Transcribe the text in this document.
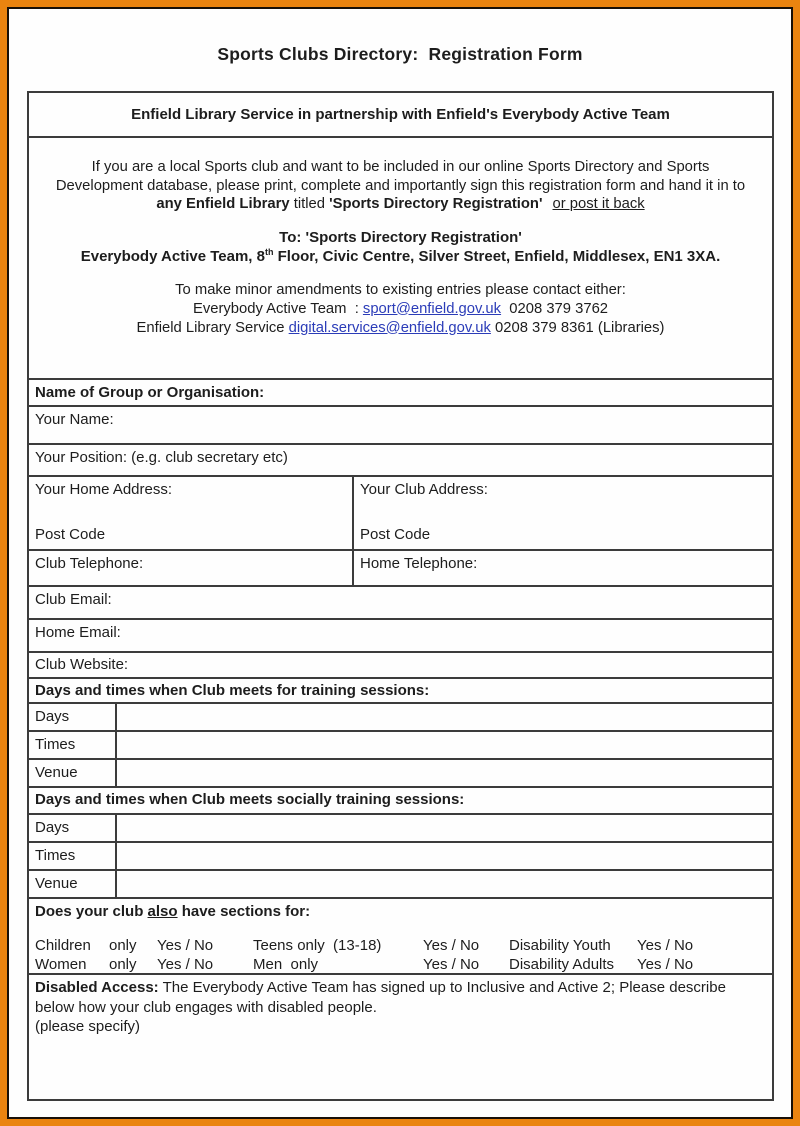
Sports Clubs Directory:  Registration Form
Enfield Library Service in partnership with Enfield's Everybody Active Team

If you are a local Sports club and want to be included in our online Sports Directory and Sports Development database, please print, complete and importantly sign this registration form and hand it in to any Enfield Library titled 'Sports Directory Registration' or post it back

To: 'Sports Directory Registration'
Everybody Active Team, 8th Floor, Civic Centre, Silver Street, Enfield, Middlesex, EN1 3XA.

To make minor amendments to existing entries please contact either:
Everybody Active Team  : sport@enfield.gov.uk  0208 379 3762
Enfield Library Service digital.services@enfield.gov.uk 0208 379 8361 (Libraries)

Name of Group or Organisation:
Your Name:
Your Position: (e.g. club secretary etc)
Your Home Address:
Post Code
Your Club Address:
Post Code
Club Telephone:	Home Telephone:
Club Email:
Home Email:
Club Website:
Days and times when Club meets for training sessions:
Days
Times
Venue
Days and times when Club meets socially training sessions:
Days
Times
Venue
Does your club also have sections for:
Children	only	Yes / No	Teens only  (13-18)	Yes / No	Disability Youth	Yes / No
Women	only	Yes / No	Men  only	Yes / No	Disability Adults	Yes / No
Disabled Access: The Everybody Active Team has signed up to Inclusive and Active 2; Please describe below how your club engages with disabled people.
(please specify)
